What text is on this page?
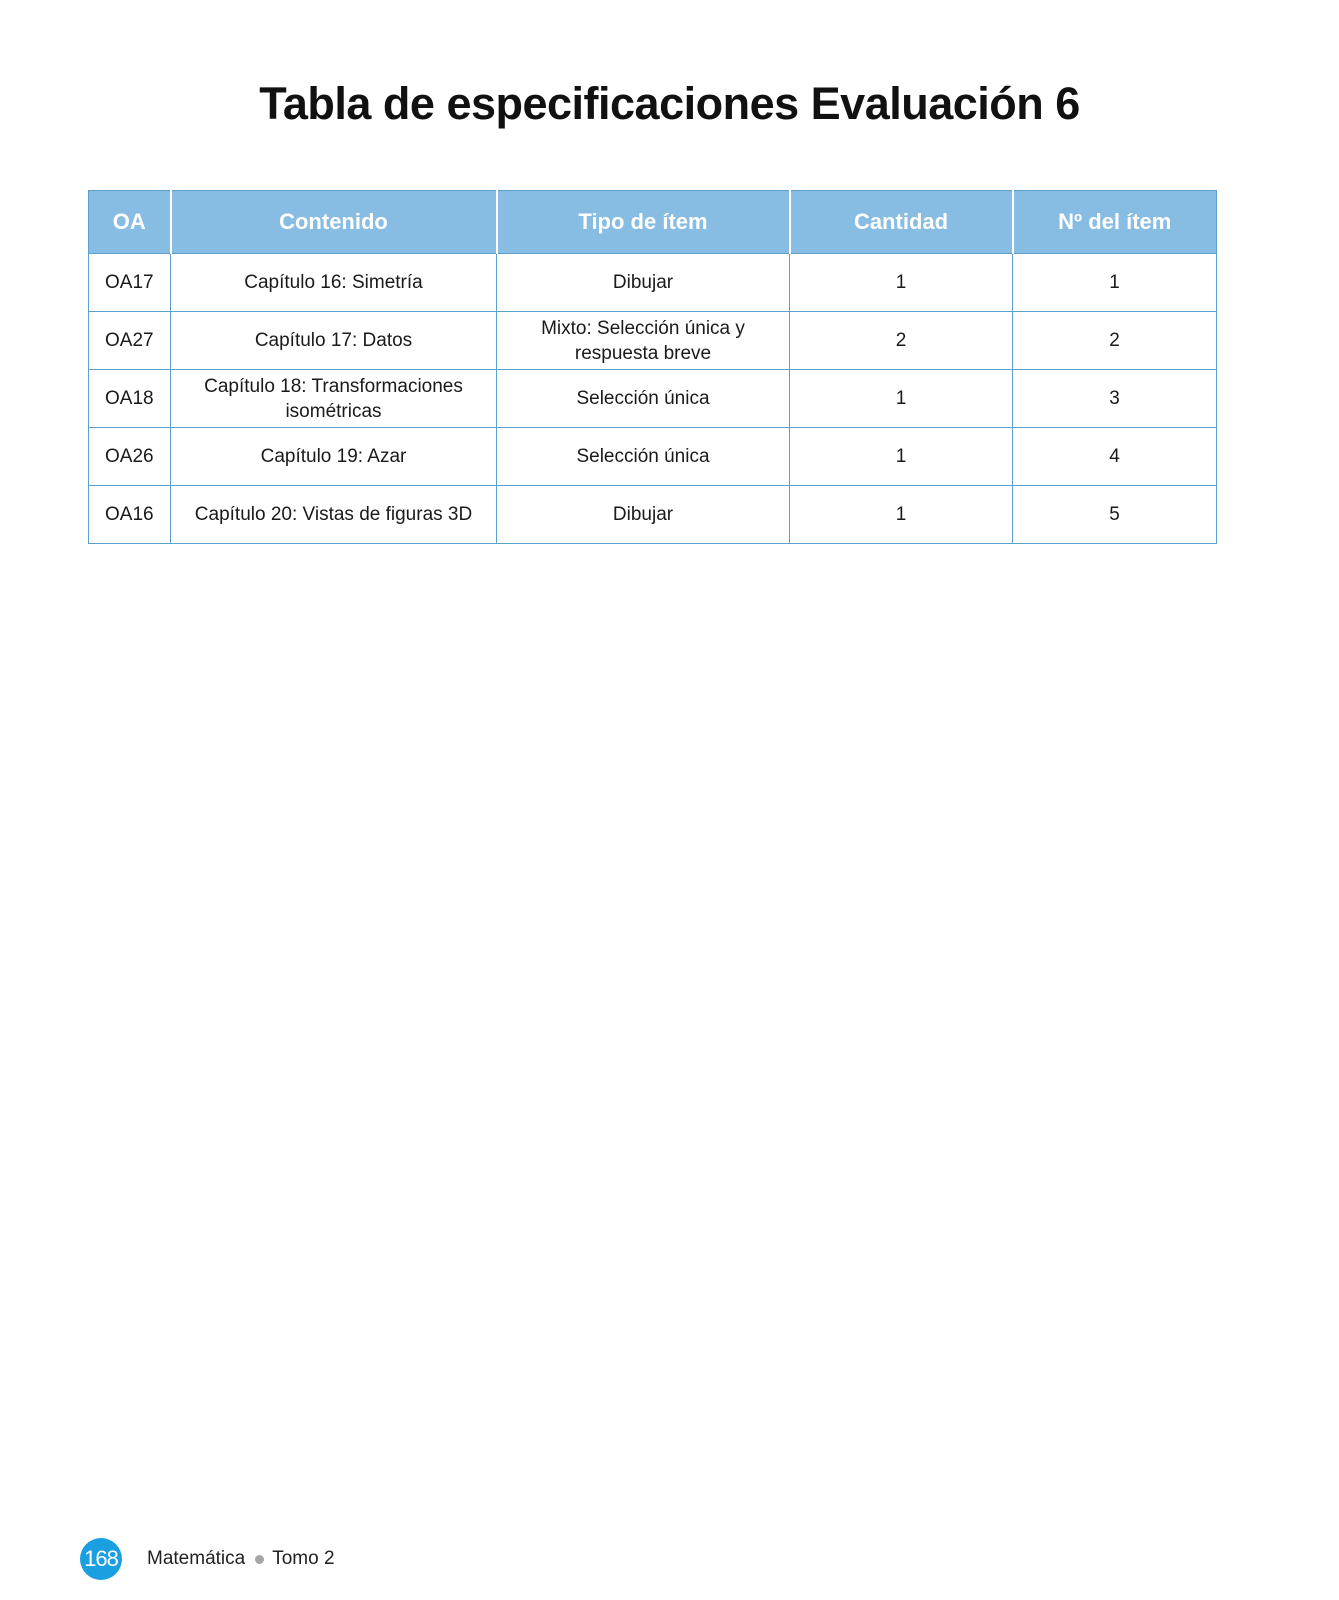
Tabla de especificaciones Evaluación 6
OA	Contenido	Tipo de ítem	Cantidad	Nº del ítem
OA17	Capítulo 16: Simetría	Dibujar	1	1
OA27	Capítulo 17: Datos	Mixto: Selección única y respuesta breve	2	2
OA18	Capítulo 18: Transformaciones isométricas	Selección única	1	3
OA26	Capítulo 19: Azar	Selección única	1	4
OA16	Capítulo 20: Vistas de figuras 3D	Dibujar	1	5
168 Matemática Tomo 2
